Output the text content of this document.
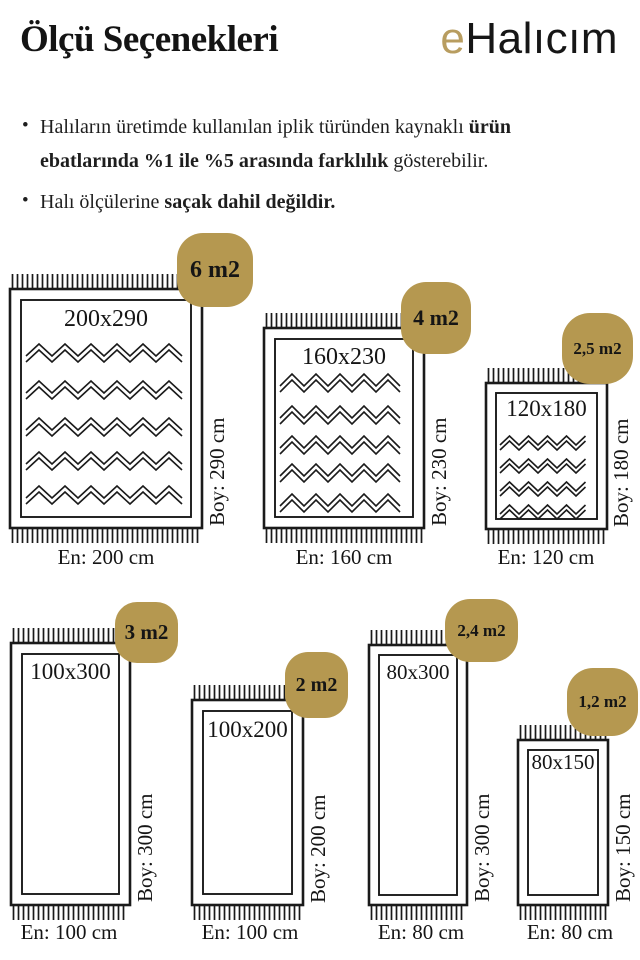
Ölçü Seçenekleri	eHalıcım
• Halıların üretimde kullanılan iplik türünden kaynaklı ürün ebatlarında %1 ile %5 arasında farklılık gösterebilir.
• Halı ölçülerine saçak dahil değildir.
200x290
Boy: 290 cm
En: 200 cm
6 m2
160x230
Boy: 230 cm
En: 160 cm
4 m2
120x180
Boy: 180 cm
En: 120 cm
2,5 m2
100x300
Boy: 300 cm
En: 100 cm
3 m2
100x200
Boy: 200 cm
En: 100 cm
2 m2
80x300
Boy: 300 cm
En: 80 cm
2,4 m2
80x150
Boy: 150 cm
En: 80 cm
1,2 m2
